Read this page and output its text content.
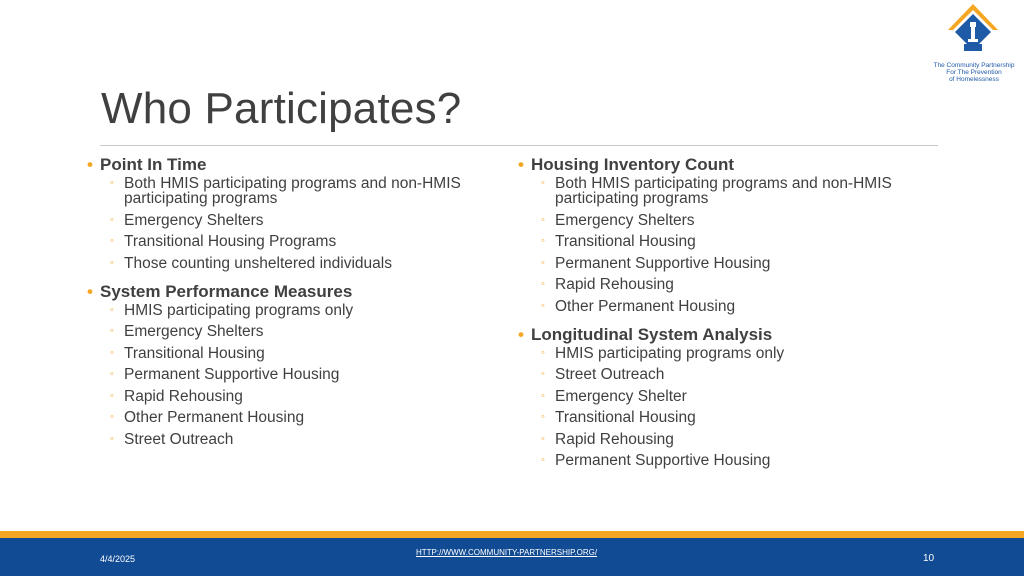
The Community Partnership
For The Prevention
of Homelessness
Who Participates?
• Point In Time
◦ Both HMIS participating programs and non-HMIS participating programs
◦ Emergency Shelters
◦ Transitional Housing Programs
◦ Those counting unsheltered individuals
• System Performance Measures
◦ HMIS participating programs only
◦ Emergency Shelters
◦ Transitional Housing
◦ Permanent Supportive Housing
◦ Rapid Rehousing
◦ Other Permanent Housing
◦ Street Outreach
• Housing Inventory Count
◦ Both HMIS participating programs and non-HMIS participating programs
◦ Emergency Shelters
◦ Transitional Housing
◦ Permanent Supportive Housing
◦ Rapid Rehousing
◦ Other Permanent Housing
• Longitudinal System Analysis
◦ HMIS participating programs only
◦ Street Outreach
◦ Emergency Shelter
◦ Transitional Housing
◦ Rapid Rehousing
◦ Permanent Supportive Housing
4/4/2025
HTTP://WWW.COMMUNITY-PARTNERSHIP.ORG/
10
